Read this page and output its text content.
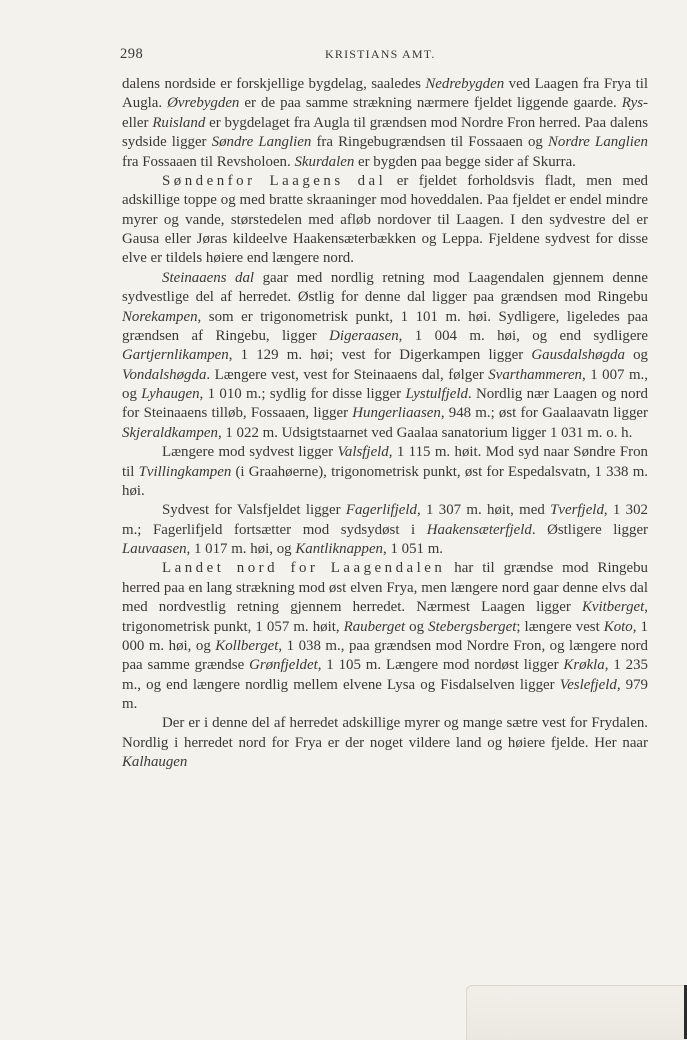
298	KRISTIANS AMT.

dalens nordside er forskjellige bygdelag, saaledes Nedrebygden ved Laagen fra Frya til Augla. Øvrebygden er de paa samme strækning nærmere fjeldet liggende gaarde. Rys- eller Ruisland er bygdelaget fra Augla til grændsen mod Nordre Fron herred. Paa dalens sydside ligger Søndre Langlien fra Ringebugrændsen til Fossaaen og Nordre Langlien fra Fossaaen til Revsholoen. Skurdalen er bygden paa begge sider af Skurra.

Søndenfor Laagens dal er fjeldet forholdsvis fladt, men med adskillige toppe og med bratte skraaninger mod hoveddalen. Paa fjeldet er endel mindre myrer og vande, størstedelen med afløb nordover til Laagen. I den sydvestre del er Gausa eller Jøras kildeelve Haakensæterbækken og Leppa. Fjeldene sydvest for disse elve er tildels høiere end længere nord.

Steinaaens dal gaar med nordlig retning mod Laagendalen gjennem denne sydvestlige del af herredet. Østlig for denne dal ligger paa grændsen mod Ringebu Norekampen, som er trigonometrisk punkt, 1 101 m. høi. Sydligere, ligeledes paa grændsen af Ringebu, ligger Digeraasen, 1 004 m. høi, og end sydligere Gartjernlikampen, 1 129 m. høi; vest for Digerkampen ligger Gausdalshøgda og Vondalshøgda. Længere vest, vest for Steinaaens dal, følger Svarthammeren, 1 007 m., og Lyhaugen, 1 010 m.; sydlig for disse ligger Lystulfjeld. Nordlig nær Laagen og nord for Steinaaens tilløb, Fossaaen, ligger Hungerliaasen, 948 m.; øst for Gaalaavatn ligger Skjeraldkampen, 1 022 m. Udsigtstaarnet ved Gaalaa sanatorium ligger 1 031 m. o. h.

Længere mod sydvest ligger Valsfjeld, 1 115 m. høit. Mod syd naar Søndre Fron til Tvillingkampen (i Graahøerne), trigonometrisk punkt, øst for Espedalsvatn, 1 338 m. høi.

Sydvest for Valsfjeldet ligger Fagerlifjeld, 1 307 m. høit, med Tverfjeld, 1 302 m.; Fagerlifjeld fortsætter mod sydsydøst i Haakensæterfjeld. Østligere ligger Lauvaasen, 1 017 m. høi, og Kantliknappen, 1 051 m.

Landet nord for Laagendalen har til grændse mod Ringebu herred paa en lang strækning mod øst elven Frya, men længere nord gaar denne elvs dal med nordvestlig retning gjennem herredet. Nærmest Laagen ligger Kvitberget, trigonometrisk punkt, 1 057 m. høit, Rauberget og Stebergsberget; længere vest Koto, 1 000 m. høi, og Kollberget, 1 038 m., paa grændsen mod Nordre Fron, og længere nord paa samme grændse Grønfjeldet, 1 105 m. Længere mod nordøst ligger Krøkla, 1 235 m., og end længere nordlig mellem elvene Lysa og Fisdalselven ligger Veslefjeld, 979 m.

Der er i denne del af herredet adskillige myrer og mange sætre vest for Frydalen. Nordlig i herredet nord for Frya er der noget vildere land og høiere fjelde. Her naar Kalhaugen
